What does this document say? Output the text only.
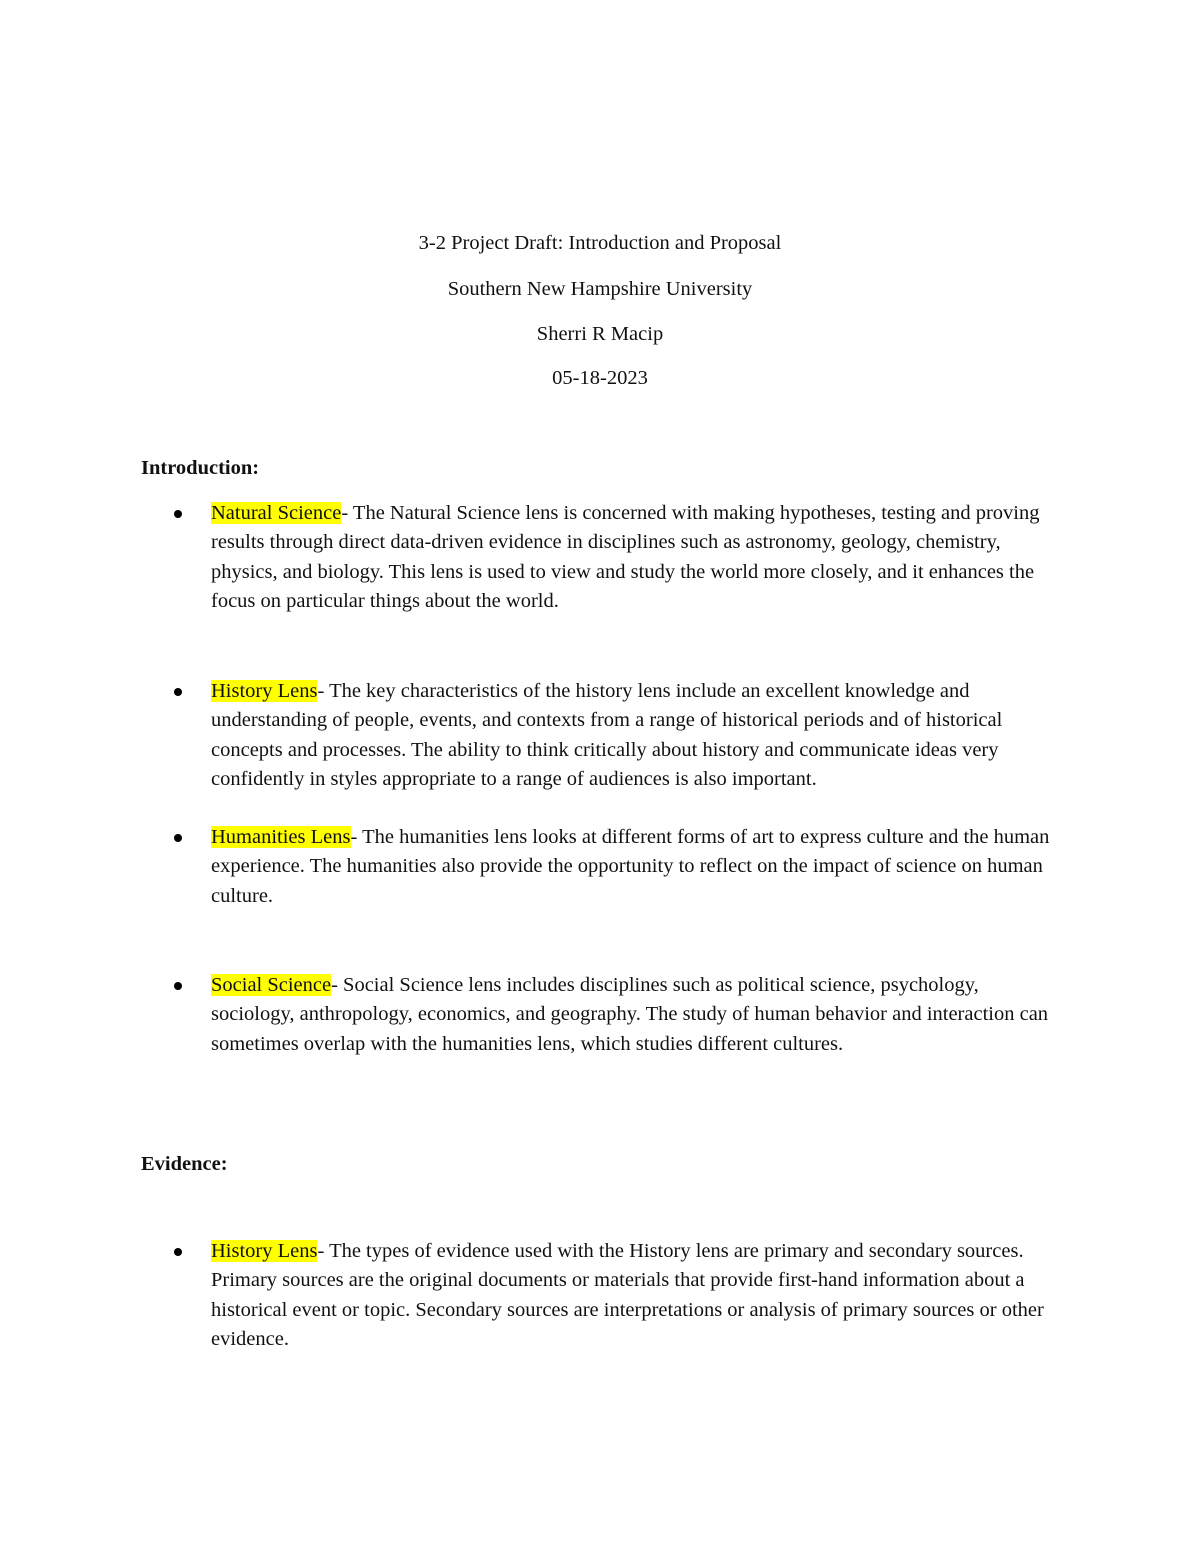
3-2 Project Draft: Introduction and Proposal
Southern New Hampshire University
Sherri R Macip
05-18-2023
Introduction:
Natural Science- The Natural Science lens is concerned with making hypotheses, testing and proving results through direct data-driven evidence in disciplines such as astronomy, geology, chemistry, physics, and biology. This lens is used to view and study the world more closely, and it enhances the focus on particular things about the world.
History Lens- The key characteristics of the history lens include an excellent knowledge and understanding of people, events, and contexts from a range of historical periods and of historical concepts and processes. The ability to think critically about history and communicate ideas very confidently in styles appropriate to a range of audiences is also important.
Humanities Lens- The humanities lens looks at different forms of art to express culture and the human experience. The humanities also provide the opportunity to reflect on the impact of science on human culture.
Social Science- Social Science lens includes disciplines such as political science, psychology, sociology, anthropology, economics, and geography. The study of human behavior and interaction can sometimes overlap with the humanities lens, which studies different cultures.
Evidence:
History Lens- The types of evidence used with the History lens are primary and secondary sources. Primary sources are the original documents or materials that provide first-hand information about a historical event or topic. Secondary sources are interpretations or analysis of primary sources or other evidence.
